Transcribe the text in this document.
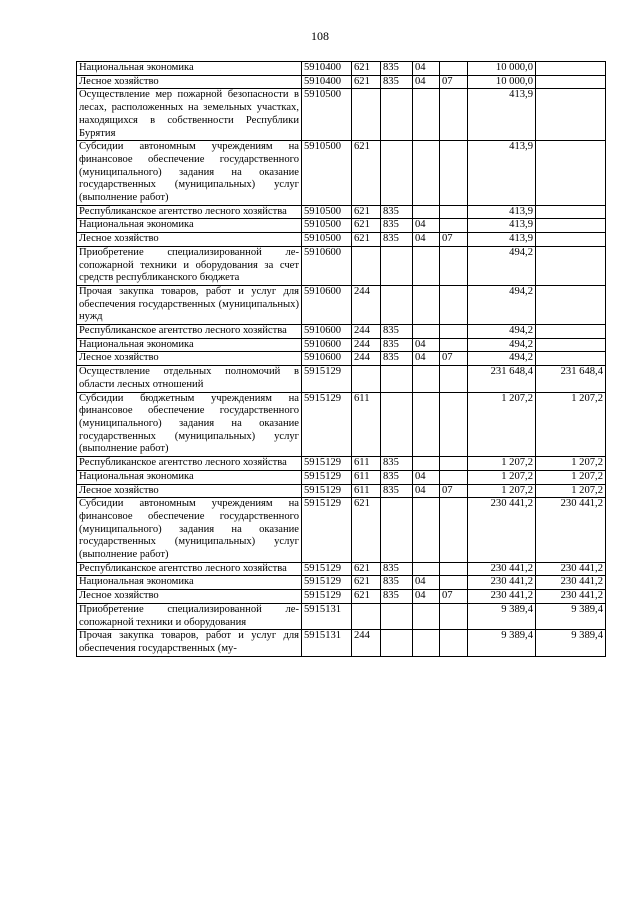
108
Национальная экономика	5910400	621	835	04		10 000,0	
Лесное хозяйство	5910400	621	835	04	07	10 000,0	
Осуществление мер пожарной безопасности в лесах, расположенных на земельных участках, находящихся в собственности Республики Бурятия	5910500					413,9	
Субсидии автономным учреждениям на финансовое обеспечение государственного (муниципального) задания на оказание государственных (муниципальных) услуг (выполнение работ)	5910500	621				413,9	
Республиканское агентство лесного хозяйства	5910500	621	835			413,9	
Национальная экономика	5910500	621	835	04		413,9	
Лесное хозяйство	5910500	621	835	04	07	413,9	
Приобретение специализированной лесопожарной техники и оборудования за счет средств республиканского бюджета	5910600					494,2	
Прочая закупка товаров, работ и услуг для обеспечения государственных (муниципальных) нужд	5910600	244				494,2	
Республиканское агентство лесного хозяйства	5910600	244	835			494,2	
Национальная экономика	5910600	244	835	04		494,2	
Лесное хозяйство	5910600	244	835	04	07	494,2	
Осуществление отдельных полномочий в области лесных отношений	5915129					231 648,4	231 648,4
Субсидии бюджетным учреждениям на финансовое обеспечение государственного (муниципального) задания на оказание государственных (муниципальных) услуг (выполнение работ)	5915129	611				1 207,2	1 207,2
Республиканское агентство лесного хозяйства	5915129	611	835			1 207,2	1 207,2
Национальная экономика	5915129	611	835	04		1 207,2	1 207,2
Лесное хозяйство	5915129	611	835	04	07	1 207,2	1 207,2
Субсидии автономным учреждениям на финансовое обеспечение государственного (муниципального) задания на оказание государственных (муниципальных) услуг (выполнение работ)	5915129	621				230 441,2	230 441,2
Республиканское агентство лесного хозяйства	5915129	621	835			230 441,2	230 441,2
Национальная экономика	5915129	621	835	04		230 441,2	230 441,2
Лесное хозяйство	5915129	621	835	04	07	230 441,2	230 441,2
Приобретение специализированной лесопожарной техники и оборудования	5915131					9 389,4	9 389,4
Прочая закупка товаров, работ и услуг для обеспечения государственных (му-	5915131	244				9 389,4	9 389,4
